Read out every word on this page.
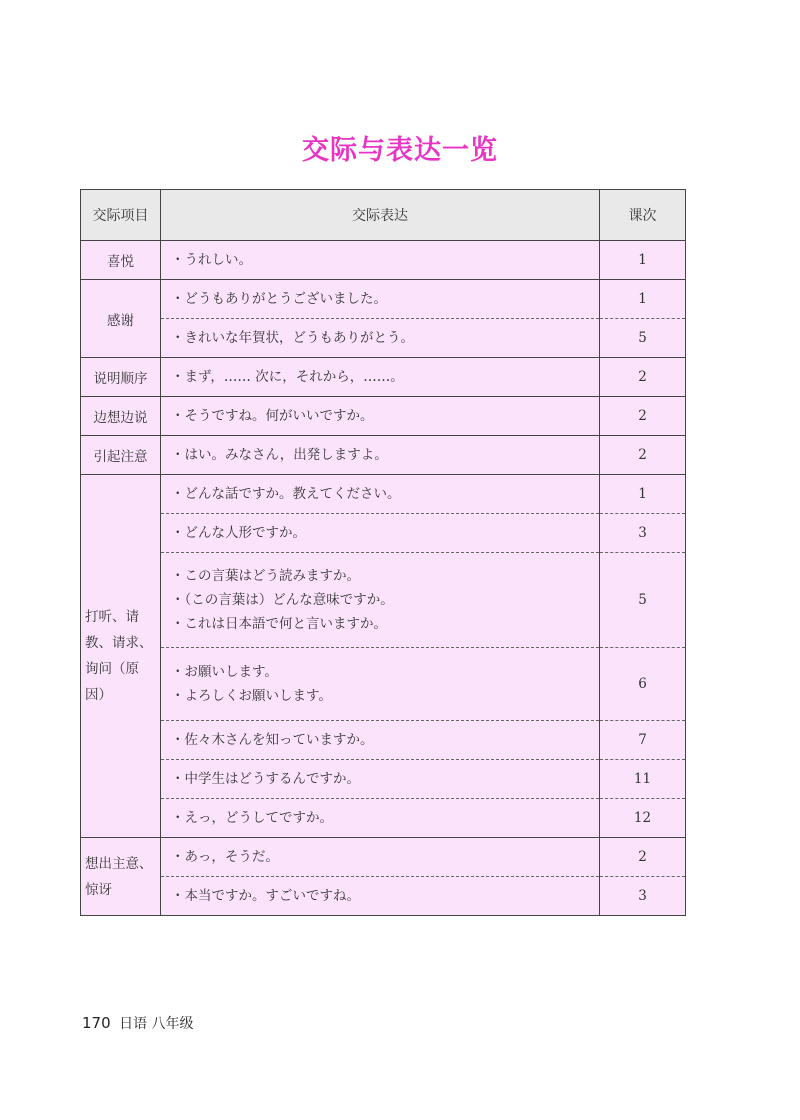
交际与表达一览
交际项目	交际表达	课次
喜悦	・ うれしい。	1
感谢	・ どうもありがとうございました。	1

	・ きれいな年賀状，どうもありがとう。	5
说明顺序	・ まず，…… 次に，それから，……。	2
边想边说	・ そうですね。何がいいですか。	2
引起注意	・ はい。みなさん，出発しますよ。	2
打听、请教、请求、询问（原因）	・ どんな話ですか。教えてください。	1

	・ どんな人形ですか。	3

	・ この言葉はどう読みますか。
・ （この言葉は）どんな意味ですか。
・ これは日本語で何と言いますか。	5

	・ お願いします。
・ よろしくお願いします。	6

	・ 佐々木さんを知っていますか。	7

	・ 中学生はどうするんですか。	11

	・ えっ，どうしてですか。	12
想出主意、惊讶	・ あっ，そうだ。	2

	・ 本当ですか。すごいですね。	3
170 日语 八年级
